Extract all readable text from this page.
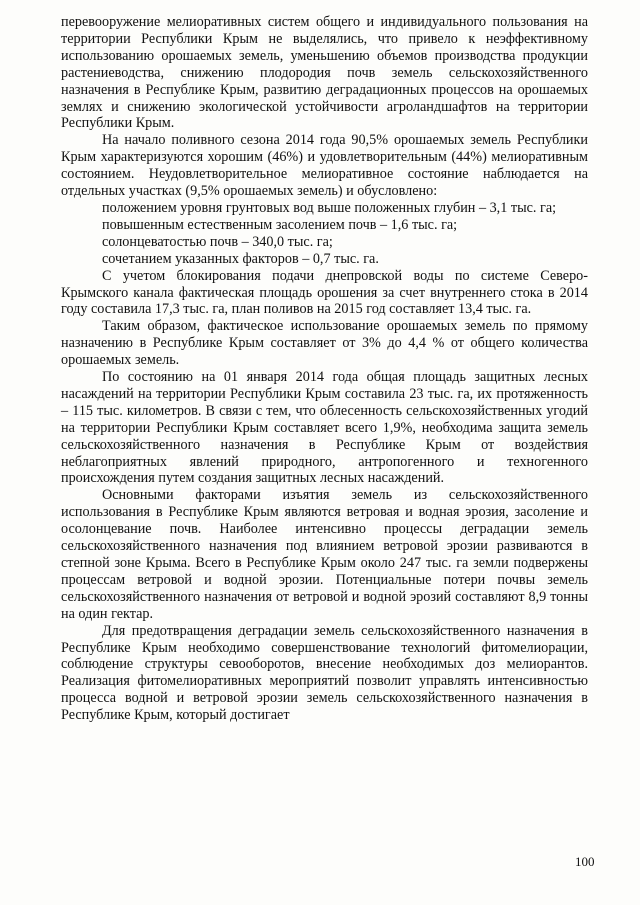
перевооружение мелиоративных систем общего и индивидуального пользования на территории Республики Крым не выделялись, что привело к неэффективному использованию орошаемых земель, уменьшению объемов производства продукции растениеводства, снижению плодородия почв земель сельскохозяйственного назначения в Республике Крым, развитию деградационных процессов на орошаемых землях и снижению экологической устойчивости агроландшафтов на территории Республики Крым.

На начало поливного сезона 2014 года 90,5% орошаемых земель Республики Крым характеризуются хорошим (46%) и удовлетворительным (44%) мелиоративным состоянием. Неудовлетворительное мелиоративное состояние наблюдается на отдельных участках (9,5% орошаемых земель) и обусловлено:

положением уровня грунтовых вод выше положенных глубин – 3,1 тыс. га;

повышенным естественным засолением почв – 1,6 тыс. га;

солонцеватостью почв – 340,0 тыс. га;

сочетанием указанных факторов – 0,7 тыс. га.

С учетом блокирования подачи днепровской воды по системе Северо-Крымского канала фактическая площадь орошения за счет внутреннего стока в 2014 году составила 17,3 тыс. га, план поливов на 2015 год составляет 13,4 тыс. га.

Таким образом, фактическое использование орошаемых земель по прямому назначению в Республике Крым составляет от 3% до 4,4 % от общего количества орошаемых земель.

По состоянию на 01 января 2014 года общая площадь защитных лесных насаждений на территории Республики Крым составила 23 тыс. га, их протяженность – 115 тыс. километров. В связи с тем, что облесенность сельскохозяйственных угодий на территории Республики Крым составляет всего 1,9%, необходима защита земель сельскохозяйственного назначения в Республике Крым от воздействия неблагоприятных явлений природного, антропогенного и техногенного происхождения путем создания защитных лесных насаждений.

Основными факторами изъятия земель из сельскохозяйственного использования в Республике Крым являются ветровая и водная эрозия, засоление и осолонцевание почв. Наиболее интенсивно процессы деградации земель сельскохозяйственного назначения под влиянием ветровой эрозии развиваются в степной зоне Крыма. Всего в Республике Крым около 247 тыс. га земли подвержены процессам ветровой и водной эрозии. Потенциальные потери почвы земель сельскохозяйственного назначения от ветровой и водной эрозий составляют 8,9 тонны на один гектар.

Для предотвращения деградации земель сельскохозяйственного назначения в Республике Крым необходимо совершенствование технологий фитомелиорации, соблюдение структуры севооборотов, внесение необходимых доз мелиорантов. Реализация фитомелиоративных мероприятий позволит управлять интенсивностью процесса водной и ветровой эрозии земель сельскохозяйственного назначения в Республике Крым, который достигает

100
